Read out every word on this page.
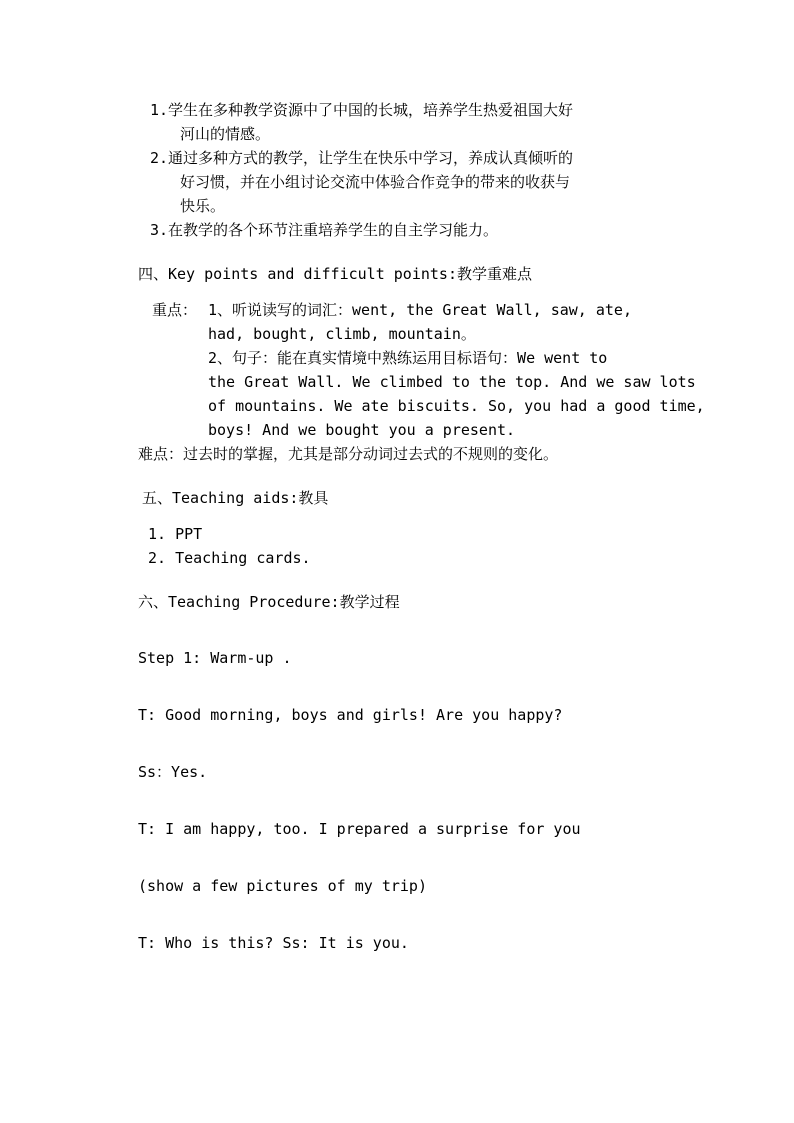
1.学生在多种教学资源中了中国的长城，培养学生热爱祖国大好
河山的情感。
2.通过多种方式的教学，让学生在快乐中学习，养成认真倾听的
好习惯，并在小组讨论交流中体验合作竞争的带来的收获与
快乐。
3.在教学的各个环节注重培养学生的自主学习能力。
四、Key points and difficult points:教学重难点
重点： 1、听说读写的词汇：went, the Great Wall, saw, ate,
had, bought, climb, mountain。
2、句子：能在真实情境中熟练运用目标语句：We went to
the Great Wall. We climbed to the top. And we saw lots
of mountains. We ate biscuits. So, you had a good time,
boys! And we bought you a present.
难点：过去时的掌握，尤其是部分动词过去式的不规则的变化。
五、Teaching aids:教具
1. PPT
2. Teaching cards.
六、Teaching Procedure:教学过程
Step 1: Warm-up .
T: Good morning, boys and girls! Are you happy?
Ss：Yes.
T: I am happy, too. I prepared a surprise for you
(show a few pictures of my trip)
T: Who is this? Ss: It is you.
